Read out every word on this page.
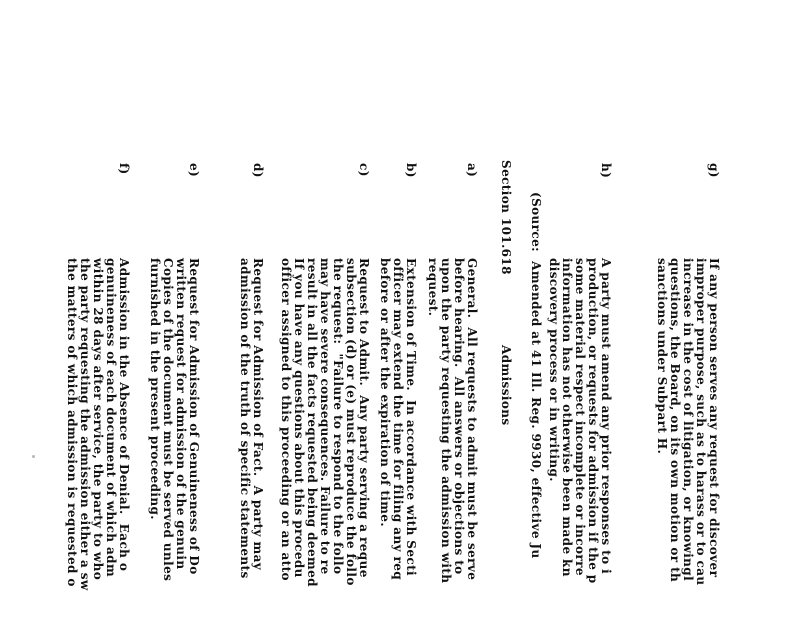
g)
If any person serves any request for discover
improper purpose, such as to harass or to cau
increase in the cost of litigation, or knowingl
questions, the Board, on its own motion or th
sanctions under Subpart H.
h)
A party must amend any prior responses to i
production, or requests for admission if the p
some material respect incomplete or incorre
information has not otherwise been made kn
discovery process or in writing.
(Source:  Amended at 41 Ill. Reg. 9930, effective Ju
Section 101.618
Admissions
a)
General.  All requests to admit must be serve
before hearing.  All answers or objections to
upon the party requesting the admission with
request.
b)
Extension of Time.  In accordance with Secti
officer may extend the time for filing any req
before or after the expiration of time.
c)
Request to Admit.  Any party serving a reque
subsection (d) or (e) must reproduce the follo
the request:  "Failure to respond to the follo
may have severe consequences. Failure to re
result in all the facts requested being deemed
If you have any questions about this procedu
officer assigned to this proceeding or an atto
d)
Request for Admission of Fact.  A party may
admission of the truth of specific statements
e)
Request for Admission of Genuineness of Do
written request for admission of the genuin
Copies of the document must be served unles
furnished in the present proceeding.
f)
Admission in the Absence of Denial.  Each o
genuineness of each document of which adm
within 28 days after service, the party to who
the party requesting the admission either a sw
the matters of which admission is requested o
